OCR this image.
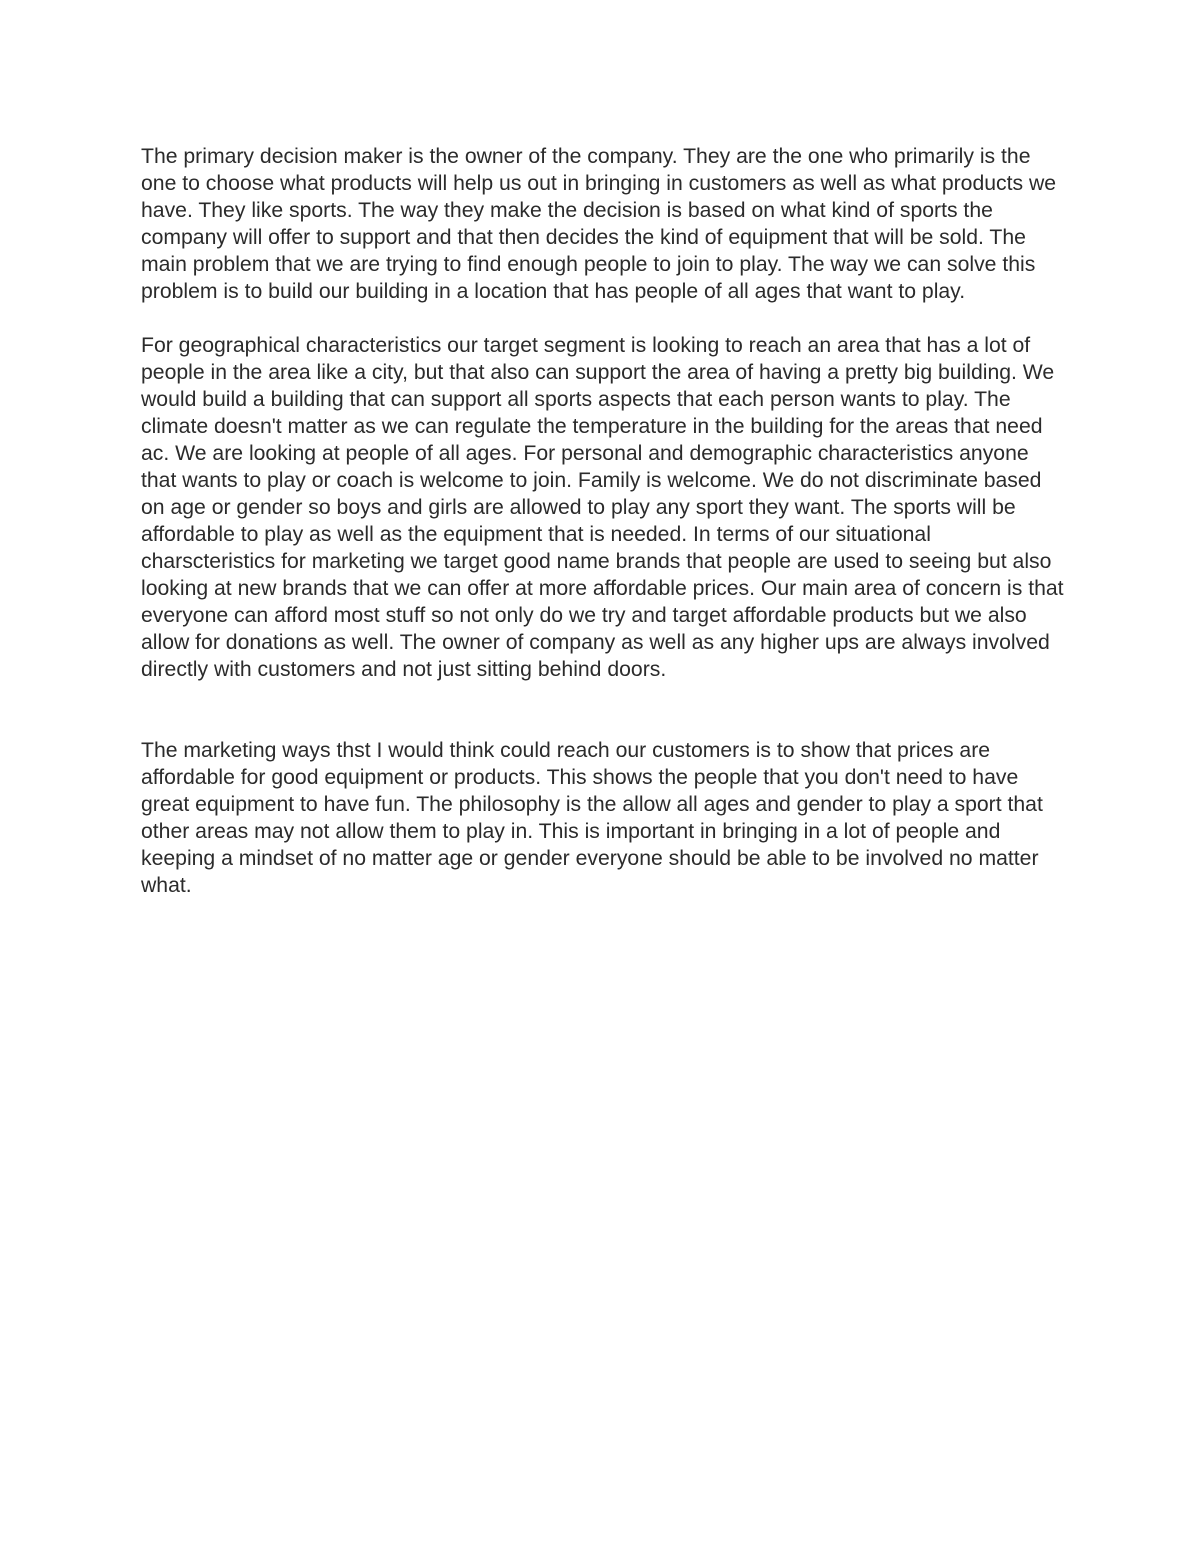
The primary decision maker is the owner of the company. They are the one who primarily is the one to choose what products will help us out in bringing in customers as well as what products we have. They like sports. The way they make the decision is based on what kind of sports the company will offer to support and that then decides the kind of equipment that will be sold. The main problem that we are trying to find enough people to join to play. The way we can solve this problem is to build our building in a location that has people of all ages that want to play.

For geographical characteristics our target segment is looking to reach an area that has a lot of people in the area like a city, but that also can support the area of having a pretty big building. We would build a building that can support all sports aspects that each person wants to play. The climate doesn't matter as we can regulate the temperature in the building for the areas that need ac. We are looking at people of all ages. For personal and demographic characteristics anyone that wants to play or coach is welcome to join. Family is welcome. We do not discriminate based on age or gender so boys and girls are allowed to play any sport they want. The sports will be affordable to play as well as the equipment that is needed. In terms of our situational charscteristics for marketing we target good name brands that people are used to seeing but also looking at new brands that we can offer at more affordable prices. Our main area of concern is that everyone can afford most stuff so not only do we try and target affordable products but we also allow for donations as well. The owner of company as well as any higher ups are always involved directly with customers and not just sitting behind doors.

The marketing ways thst I would think could reach our customers is to show that prices are affordable for good equipment or products. This shows the people that you don't need to have great equipment to have fun. The philosophy is the allow all ages and gender to play a sport that other areas may not allow them to play in. This is important in bringing in a lot of people and keeping a mindset of no matter age or gender everyone should be able to be involved no matter what.
